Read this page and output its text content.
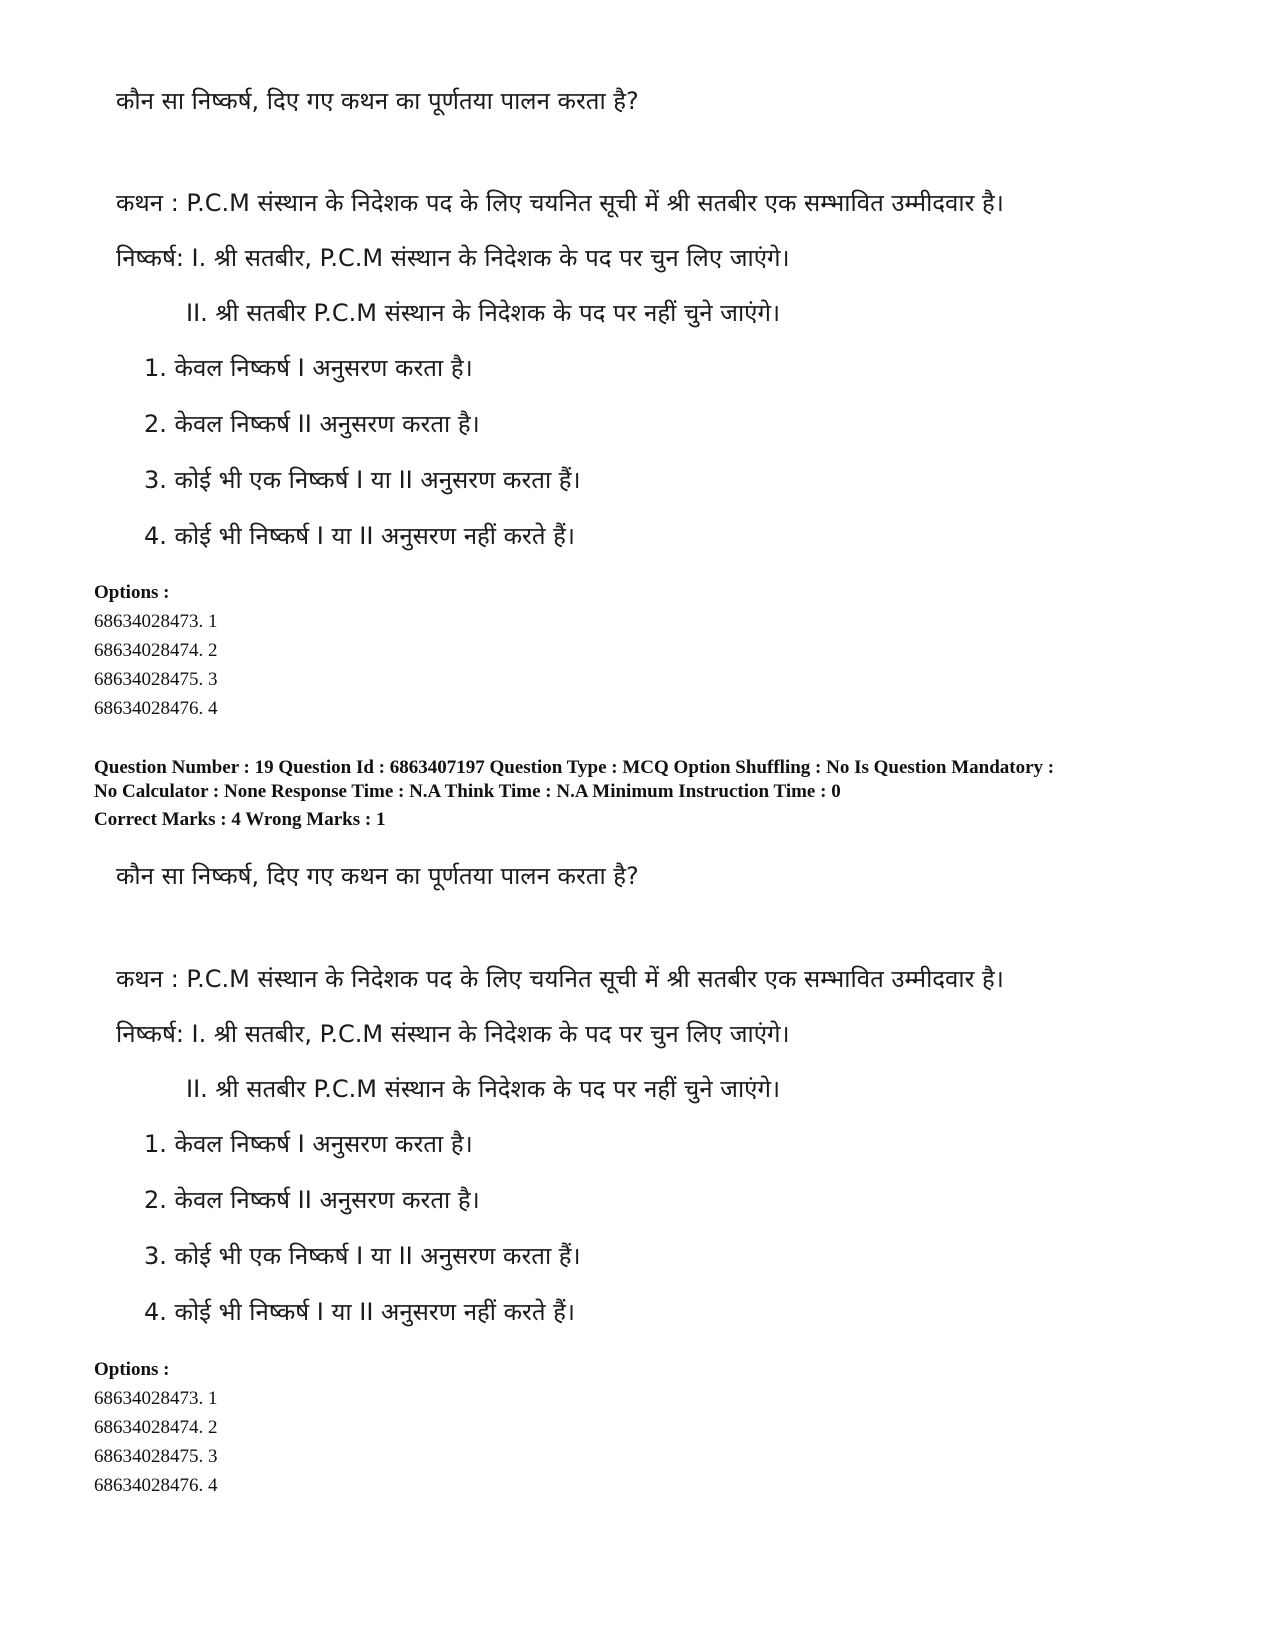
कौन सा निष्कर्ष, दिए गए कथन का पूर्णतया पालन करता है?
कथन : P.C.M संस्थान के निदेशक पद के लिए चयनित सूची में श्री सतबीर एक सम्भावित उम्मीदवार है।
निष्कर्ष: I. श्री सतबीर, P.C.M संस्थान के निदेशक के पद पर चुन लिए जाएंगे।
II. श्री सतबीर P.C.M संस्थान के निदेशक के पद पर नहीं चुने जाएंगे।
1. केवल निष्कर्ष I अनुसरण करता है।
2. केवल निष्कर्ष II अनुसरण करता है।
3. कोई भी एक निष्कर्ष I या II अनुसरण करता हैं।
4. कोई भी निष्कर्ष I या II अनुसरण नहीं करते हैं।
Options :
68634028473. 1
68634028474. 2
68634028475. 3
68634028476. 4
Question Number : 19 Question Id : 6863407197 Question Type : MCQ Option Shuffling : No Is Question Mandatory :
No Calculator : None Response Time : N.A Think Time : N.A Minimum Instruction Time : 0
Correct Marks : 4 Wrong Marks : 1
कौन सा निष्कर्ष, दिए गए कथन का पूर्णतया पालन करता है?
कथन : P.C.M संस्थान के निदेशक पद के लिए चयनित सूची में श्री सतबीर एक सम्भावित उम्मीदवार है।
निष्कर्ष: I. श्री सतबीर, P.C.M संस्थान के निदेशक के पद पर चुन लिए जाएंगे।
II. श्री सतबीर P.C.M संस्थान के निदेशक के पद पर नहीं चुने जाएंगे।
1. केवल निष्कर्ष I अनुसरण करता है।
2. केवल निष्कर्ष II अनुसरण करता है।
3. कोई भी एक निष्कर्ष I या II अनुसरण करता हैं।
4. कोई भी निष्कर्ष I या II अनुसरण नहीं करते हैं।
Options :
68634028473. 1
68634028474. 2
68634028475. 3
68634028476. 4
